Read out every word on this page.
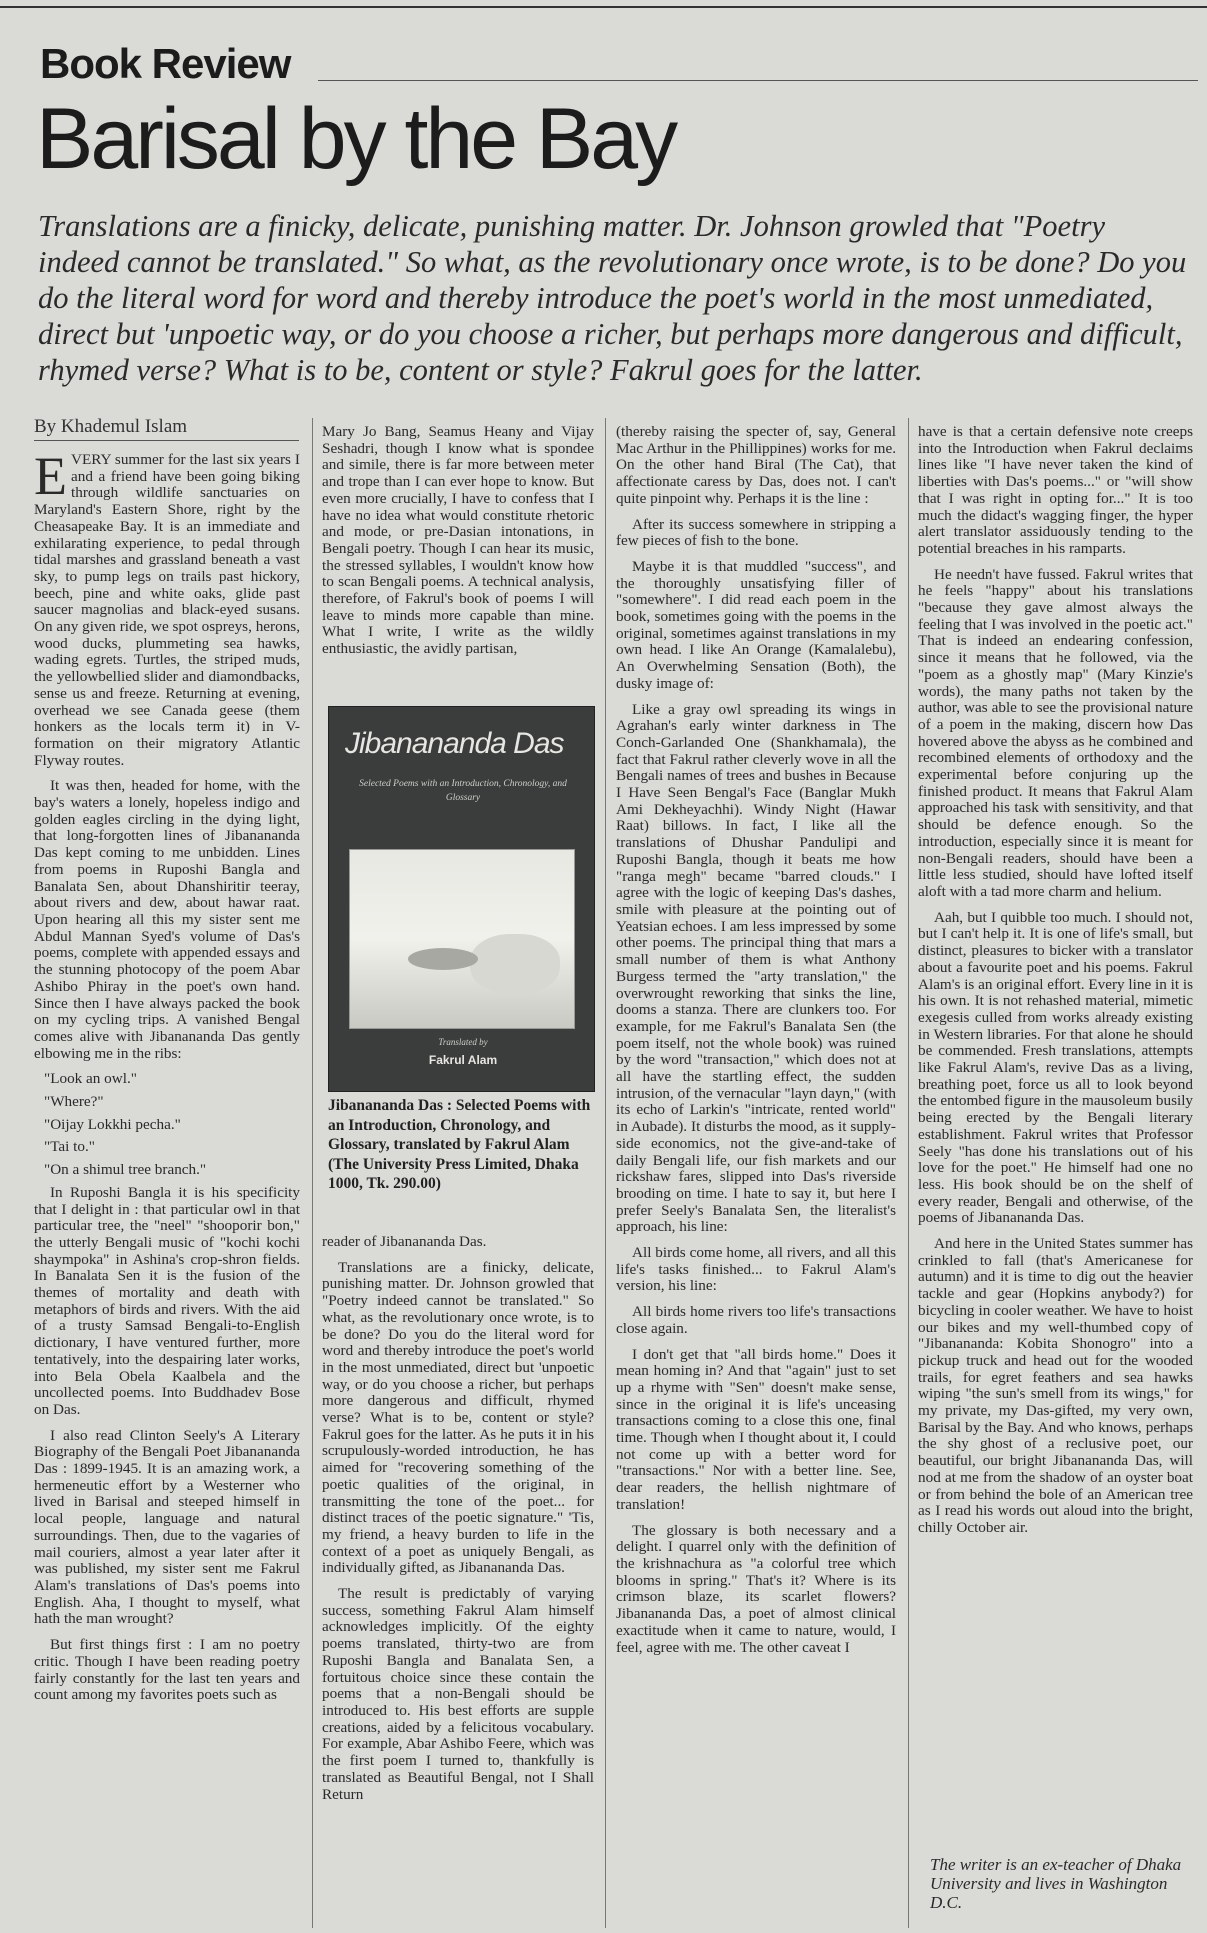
Book Review
Barisal by the Bay
Translations are a finicky, delicate, punishing matter. Dr. Johnson growled that "Poetry indeed cannot be translated." So what, as the revolutionary once wrote, is to be done? Do you do the literal word for word and thereby introduce the poet's world in the most unmediated, direct but 'unpoetic way, or do you choose a richer, but perhaps more dangerous and difficult, rhymed verse? What is to be, content or style? Fakrul goes for the latter.
By Khademul Islam

EVERY summer for the last six years I and a friend have been going biking through wildlife sanctuaries on Maryland's Eastern Shore, right by the Cheasapeake Bay. It is an immediate and exhilarating experience, to pedal through tidal marshes and grassland beneath a vast sky, to pump legs on trails past hickory, beech, pine and white oaks, glide past saucer magnolias and black-eyed susans. On any given ride, we spot ospreys, herons, wood ducks, plummeting sea hawks, wading egrets. Turtles, the striped muds, the yellowbellied slider and diamondbacks, sense us and freeze. Returning at evening, overhead we see Canada geese (them honkers as the locals term it) in V-formation on their migratory Atlantic Flyway routes.

It was then, headed for home, with the bay's waters a lonely, hopeless indigo and golden eagles circling in the dying light, that long-forgotten lines of Jibanananda Das kept coming to me unbidden. Lines from poems in Ruposhi Bangla and Banalata Sen, about Dhanshiritir teeray, about rivers and dew, about hawar raat. Upon hearing all this my sister sent me Abdul Mannan Syed's volume of Das's poems, complete with appended essays and the stunning photocopy of the poem Abar Ashibo Phiray in the poet's own hand. Since then I have always packed the book on my cycling trips. A vanished Bengal comes alive with Jibanananda Das gently elbowing me in the ribs:

"Look an owl."

"Where?"

"Oijay Lokkhi pecha."

"Tai to."

"On a shimul tree branch."

In Ruposhi Bangla it is his specificity that I delight in : that particular owl in that particular tree, the "neel" "shooporir bon," the utterly Bengali music of "kochi kochi shaympoka" in Ashina's crop-shron fields. In Banalata Sen it is the fusion of the themes of mortality and death with metaphors of birds and rivers. With the aid of a trusty Samsad Bengali-to-English dictionary, I have ventured further, more tentatively, into the despairing later works, into Bela Obela Kaalbela and the uncollected poems. Into Buddhadev Bose on Das.

I also read Clinton Seely's A Literary Biography of the Bengali Poet Jibanananda Das : 1899-1945. It is an amazing work, a hermeneutic effort by a Westerner who lived in Barisal and steeped himself in local people, language and natural surroundings. Then, due to the vagaries of mail couriers, almost a year later after it was published, my sister sent me Fakrul Alam's translations of Das's poems into English. Aha, I thought to myself, what hath the man wrought?

But first things first : I am no poetry critic. Though I have been reading poetry fairly constantly for the last ten years and count among my favorites poets such as

Mary Jo Bang, Seamus Heany and Vijay Seshadri, though I know what is spondee and simile, there is far more between meter and trope than I can ever hope to know. But even more crucially, I have to confess that I have no idea what would constitute rhetoric and mode, or pre-Dasian intonations, in Bengali poetry. Though I can hear its music, the stressed syllables, I wouldn't know how to scan Bengali poems. A technical analysis, therefore, of Fakrul's book of poems I will leave to minds more capable than mine. What I write, I write as the wildly enthusiastic, the avidly partisan,

Jibanananda Das
Selected Poems with an Introduction, Chronology, and Glossary
Translated by
Fakrul Alam
Jibanananda Das : Selected Poems with an Introduction, Chronology, and Glossary, translated by Fakrul Alam (The University Press Limited, Dhaka 1000, Tk. 290.00)

reader of Jibanananda Das.

Translations are a finicky, delicate, punishing matter. Dr. Johnson growled that "Poetry indeed cannot be translated." So what, as the revolutionary once wrote, is to be done? Do you do the literal word for word and thereby introduce the poet's world in the most unmediated, direct but 'unpoetic way, or do you choose a richer, but perhaps more dangerous and difficult, rhymed verse? What is to be, content or style? Fakrul goes for the latter. As he puts it in his scrupulously-worded introduction, he has aimed for "recovering something of the poetic qualities of the original, in transmitting the tone of the poet... for distinct traces of the poetic signature." 'Tis, my friend, a heavy burden to life in the context of a poet as uniquely Bengali, as individually gifted, as Jibanananda Das.

The result is predictably of varying success, something Fakrul Alam himself acknowledges implicitly. Of the eighty poems translated, thirty-two are from Ruposhi Bangla and Banalata Sen, a fortuitous choice since these contain the poems that a non-Bengali should be introduced to. His best efforts are supple creations, aided by a felicitous vocabulary. For example, Abar Ashibo Feere, which was the first poem I turned to, thankfully is translated as Beautiful Bengal, not I Shall Return

(thereby raising the specter of, say, General Mac Arthur in the Phillippines) works for me. On the other hand Biral (The Cat), that affectionate caress by Das, does not. I can't quite pinpoint why. Perhaps it is the line :

After its success somewhere in stripping a few pieces of fish to the bone.

Maybe it is that muddled "success", and the thoroughly unsatisfying filler of "somewhere". I did read each poem in the book, sometimes going with the poems in the original, sometimes against translations in my own head. I like An Orange (Kamalalebu), An Overwhelming Sensation (Both), the dusky image of:

Like a gray owl spreading its wings in Agrahan's early winter darkness in The Conch-Garlanded One (Shankhamala), the fact that Fakrul rather cleverly wove in all the Bengali names of trees and bushes in Because I Have Seen Bengal's Face (Banglar Mukh Ami Dekheyachhi). Windy Night (Hawar Raat) billows. In fact, I like all the translations of Dhushar Pandulipi and Ruposhi Bangla, though it beats me how "ranga megh" became "barred clouds." I agree with the logic of keeping Das's dashes, smile with pleasure at the pointing out of Yeatsian echoes. I am less impressed by some other poems. The principal thing that mars a small number of them is what Anthony Burgess termed the "arty translation," the overwrought reworking that sinks the line, dooms a stanza. There are clunkers too. For example, for me Fakrul's Banalata Sen (the poem itself, not the whole book) was ruined by the word "transaction," which does not at all have the startling effect, the sudden intrusion, of the vernacular "layn dayn," (with its echo of Larkin's "intricate, rented world" in Aubade). It disturbs the mood, as it supply-side economics, not the give-and-take of daily Bengali life, our fish markets and our rickshaw fares, slipped into Das's riverside brooding on time. I hate to say it, but here I prefer Seely's Banalata Sen, the literalist's approach, his line:

All birds come home, all rivers, and all this life's tasks finished... to Fakrul Alam's version, his line:

All birds home rivers too life's transactions close again.

I don't get that "all birds home." Does it mean homing in? And that "again" just to set up a rhyme with "Sen" doesn't make sense, since in the original it is life's unceasing transactions coming to a close this one, final time. Though when I thought about it, I could not come up with a better word for "transactions." Nor with a better line. See, dear readers, the hellish nightmare of translation!

The glossary is both necessary and a delight. I quarrel only with the definition of the krishnachura as "a colorful tree which blooms in spring." That's it? Where is its crimson blaze, its scarlet flowers? Jibanananda Das, a poet of almost clinical exactitude when it came to nature, would, I feel, agree with me. The other caveat I

have is that a certain defensive note creeps into the Introduction when Fakrul declaims lines like "I have never taken the kind of liberties with Das's poems..." or "will show that I was right in opting for..." It is too much the didact's wagging finger, the hyper alert translator assiduously tending to the potential breaches in his ramparts.

He needn't have fussed. Fakrul writes that he feels "happy" about his translations "because they gave almost always the feeling that I was involved in the poetic act." That is indeed an endearing confession, since it means that he followed, via the "poem as a ghostly map" (Mary Kinzie's words), the many paths not taken by the author, was able to see the provisional nature of a poem in the making, discern how Das hovered above the abyss as he combined and recombined elements of orthodoxy and the experimental before conjuring up the finished product. It means that Fakrul Alam approached his task with sensitivity, and that should be defence enough. So the introduction, especially since it is meant for non-Bengali readers, should have been a little less studied, should have lofted itself aloft with a tad more charm and helium.

Aah, but I quibble too much. I should not, but I can't help it. It is one of life's small, but distinct, pleasures to bicker with a translator about a favourite poet and his poems. Fakrul Alam's is an original effort. Every line in it is his own. It is not rehashed material, mimetic exegesis culled from works already existing in Western libraries. For that alone he should be commended. Fresh translations, attempts like Fakrul Alam's, revive Das as a living, breathing poet, force us all to look beyond the entombed figure in the mausoleum busily being erected by the Bengali literary establishment. Fakrul writes that Professor Seely "has done his translations out of his love for the poet." He himself had one no less. His book should be on the shelf of every reader, Bengali and otherwise, of the poems of Jibanananda Das.

And here in the United States summer has crinkled to fall (that's Americanese for autumn) and it is time to dig out the heavier tackle and gear (Hopkins anybody?) for bicycling in cooler weather. We have to hoist our bikes and my well-thumbed copy of "Jibanananda: Kobita Shonogro" into a pickup truck and head out for the wooded trails, for egret feathers and sea hawks wiping "the sun's smell from its wings," for my private, my Das-gifted, my very own, Barisal by the Bay. And who knows, perhaps the shy ghost of a reclusive poet, our beautiful, our bright Jibanananda Das, will nod at me from the shadow of an oyster boat or from behind the bole of an American tree as I read his words out aloud into the bright, chilly October air.

The writer is an ex-teacher of Dhaka University and lives in Washington D.C.
